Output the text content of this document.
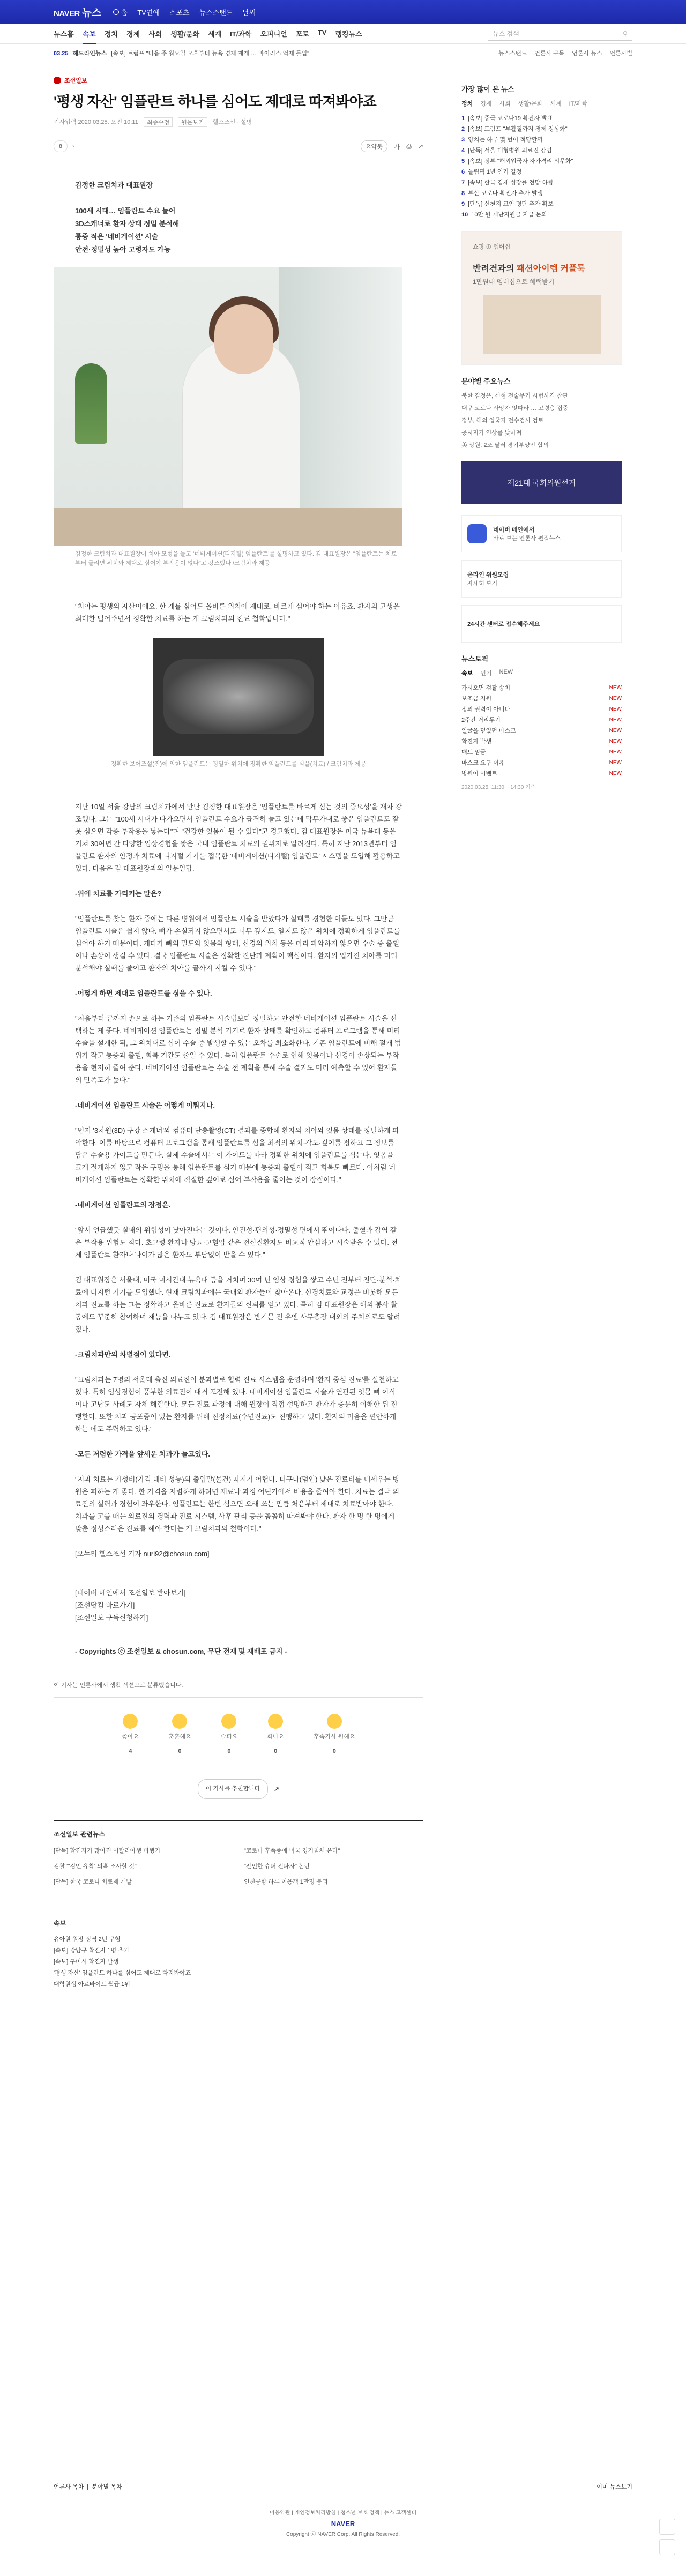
NAVER 뉴스	홈 TV연예 스포츠 뉴스스탠드 날씨
뉴스홈 속보 정치 경제 사회 생활/문화 세계 IT/과학 오피니언 포토 TV 랭킹뉴스	뉴스 검색	⚲
03.25 헤드라인뉴스 [속보] 트럼프 "다음 주 월요일 오후부터 뉴욕 경제 재개 … 바이러스 억제 돌입"	뉴스스탠드 언론사 구독 언론사 뉴스 언론사별
조선일보
'평생 자산' 임플란트 하나를 심어도 제대로 따져봐야죠
기사입력 2020.03.25. 오전 10:11	최종수정	원문보기	헬스조선 · 설명
8 ▫	요약봇	가 ⎙ ↗
김정한 크림치과 대표원장
100세 시대… 임플란트 수요 늘어
3D스캐너로 환자 상태 정밀 분석해
통증 적은 '네비게이션' 시술
안전·정밀성 높아 고령자도 가능
김정한 크림치과 대표원장이 치아 모형을 들고 '네비게이션(디지털) 임플란트'를 설명하고 있다. 김 대표원장은 "임플란트는 치료부터 물리면 위치와 제대로 심어야 부작용이 없다"고 강조했다./크림치과 제공
"치아는 평생의 자산이에요. 한 개를 심어도 올바른 위치에 제대로, 바르게 심어야 하는 이유죠. 환자의 고생을 최대한 덜어주면서 정확한 치료를 하는 게 크림치과의 진료 철학입니다."
정확한 보어조설(진)에 의한 임플란트는 정밀한 위치에 정확한 임플란트를 심을(치료) / 크림치과 제공
지난 10일 서울 강남의 크림치과에서 만난 김정한 대표원장은 '임플란트를 바르게 심는 것의 중요성'을 재차 강조했다. 그는 "100세 시대가 다가오면서 임플란트 수요가 급격히 늘고 있는데 막무가내로 좋은 임플란트도 잘못 심으면 각종 부작용을 낳는다"며 "건강한 잇몸이 될 수 있다"고 경고했다. 김 대표원장은 미국 뉴욕대 등을 거쳐 30여년 간 다양한 임상경험을 쌓은 국내 임플란트 치료의 권위자로 알려진다. 특히 지난 2013년부터 임플란트 환자의 안정과 치료에 디지털 기기를 접목한 '네비게이션(디지털) 임플란트' 시스템을 도입해 활용하고 있다. 다음은 김 대표원장과의 일문일답.
-위에 치료를 가리키는 말은?
"임플란트를 찾는 환자 중에는 다른 병원에서 임플란트 시술을 받았다가 실패를 경험한 이들도 있다. 그만큼 임플란트 시술은 쉽지 않다. 뼈가 손실되지 않으면서도 너무 깊지도, 얕지도 않은 위치에 정확하게 임플란트를 심어야 하기 때문이다. 게다가 뼈의 밀도와 잇몸의 형태, 신경의 위치 등을 미리 파악하지 않으면 수술 중 출혈이나 손상이 생길 수 있다. 결국 임플란트 시술은 정확한 진단과 계획이 핵심이다. 환자의 입가진 치아를 미리 분석해야 실패를 줄이고 환자의 치아를 끝까지 지킬 수 있다."
-어떻게 하면 제대로 임플란트를 심을 수 있나.
"처음부터 끝까지 손으로 하는 기존의 임플란트 시술법보다 정밀하고 안전한 네비게이션 임플란트 시술을 선택하는 게 좋다. 네비게이션 임플란트는 정밀 분석 기기로 환자 상태를 확인하고 컴퓨터 프로그램을 통해 미리 수술을 설계한 뒤, 그 위치대로 심어 수술 중 발생할 수 있는 오차를 최소화한다. 기존 임플란트에 비해 절개 범위가 작고 통증과 출혈, 회복 기간도 줄일 수 있다. 특히 임플란트 수술로 인해 잇몸이나 신경이 손상되는 부작용을 현저히 줄여 준다. 네비게이션 임플란트는 수술 전 계획을 통해 수술 결과도 미리 예측할 수 있어 환자들의 만족도가 높다."
-네비게이션 임플란트 시술은 어떻게 이뤄지나.
"먼저 '3차원(3D) 구강 스캐너'와 컴퓨터 단층촬영(CT) 결과를 종합해 환자의 치아와 잇몸 상태를 정밀하게 파악한다. 이를 바탕으로 컴퓨터 프로그램을 통해 임플란트를 심을 최적의 위치·각도·깊이를 정하고 그 정보를 담은 수술용 가이드를 만든다. 실제 수술에서는 이 가이드를 따라 정확한 위치에 임플란트를 심는다. 잇몸을 크게 절개하지 않고 작은 구멍을 통해 임플란트를 심기 때문에 통증과 출혈이 적고 회복도 빠르다. 이처럼 네비게이션 임플란트는 정확한 위치에 적절한 깊이로 심어 부작용을 줄이는 것이 장점이다."
-네비게이션 임플란트의 장점은.
"앞서 언급했듯 실패의 위험성이 낮아진다는 것이다. 안전성·편의성·정밀성 면에서 뛰어나다. 출혈과 감염 같은 부작용 위험도 적다. 초고령 환자나 당뇨·고혈압 같은 전신질환자도 비교적 안심하고 시술받을 수 있다. 전체 임플란트 환자나 나이가 많은 환자도 부담없이 받을 수 있다."
김 대표원장은 서울대, 미국 미시간대·뉴욕대 등을 거치며 30여 년 임상 경험을 쌓고 수년 전부터 진단·분석·치료에 디지털 기기를 도입했다. 현재 크림치과에는 국내외 환자들이 찾아온다. 신경치료와 교정을 비롯해 모든 치과 진료를 하는 그는 정확하고 올바른 진료로 환자들의 신뢰를 얻고 있다. 특히 김 대표원장은 해외 봉사 활동에도 꾸준히 참여하며 재능을 나누고 있다. 김 대표원장은 반기문 전 유엔 사무총장 내외의 주치의로도 알려졌다.
-크림치과만의 차별점이 있다면.
"크림치과는 7명의 서울대 출신 의료진이 분과별로 협력 진료 시스템을 운영하며 '환자 중심 진료'를 실천하고 있다. 특히 임상경험이 풍부한 의료진이 대거 포진해 있다. 네비게이션 임플란트 시술과 연관된 잇몸 뼈 이식이나 고난도 사례도 자체 해결한다. 모든 진료 과정에 대해 원장이 직접 설명하고 환자가 충분히 이해한 뒤 진행한다. 또한 치과 공포증이 있는 환자를 위해 진정치료(수면진료)도 진행하고 있다. 환자의 마음을 편안하게 하는 데도 주력하고 있다."
-모든 저렴한 가격을 앞세운 치과가 늘고있다.
"지과 치료는 가성비(가격 대비 성능)의 출입말(물건) 따지기 어렵다. 더구나(덤인) 낮은 진료비를 내세우는 병원은 피하는 게 좋다. 한 가격을 저렴하게 하려면 재료나 과정 어딘가에서 비용을 줄여야 한다. 치료는 결국 의료진의 실력과 경험이 좌우한다. 임플란트는 한번 심으면 오래 쓰는 만큼 처음부터 제대로 치료받아야 한다. 치과를 고를 때는 의료진의 경력과 진료 시스템, 사후 관리 등을 꼼꼼히 따져봐야 한다. 환자 한 명 한 명에게 맞춘 정성스러운 진료를 해야 한다는 게 크림치과의 철학이다."
[오누리 헬스조선 기자 nuri92@chosun.com]
[네이버 메인에서 조선일보 받아보기]
[조선닷컴 바로가기]
[조선일보 구독신청하기]
- Copyrights ⓒ 조선일보 & chosun.com, 무단 전재 및 재배포 금지 -
이 기사는 언론사에서 생활 섹션으로 분류했습니다.
좋아요
4
훈훈해요
0
슬퍼요
0
화나요
0
후속기사 원해요
0
이 기사를 추천합니다	↗
조선일보 관련뉴스
[단독] 확진자가 많아진 이탈리아행 비행기	"코로나 후폭풍에 미국 경기침체 온다"
검찰 "'검언 유착' 의혹 조사할 것"	"잔인한 슈퍼 전파자" 논란
[단독] 한국 코로나 치료제 개발	인천공항 하루 이용객 1만명 붕괴
속보
유아원 원장 징역 2년 구형
[속보] 강남구 확진자 1명 추가
[속보] 구미시 확진자 발생
'평생 자산' 임플란트 하나를 심어도 제대로 따져봐야죠
대학원생 아르바이트 월급 1위
가장 많이 본 뉴스
정치 경제 사회 생활/문화 세계 IT/과학
1 [속보] 중국 코로나19 확진자 발표
2 [속보] 트럼프 "부활절까지 경제 정상화"
3 양치는 하루 몇 번이 적당할까
4 [단독] 서울 대형병원 의료진 감염
5 [속보] 정부 "해외입국자 자가격리 의무화"
6 올림픽 1년 연기 결정
7 [속보] 한국 경제 성장률 전망 하향
8 부산 코로나 확진자 추가 발생
9 [단독] 신천지 교인 명단 추가 확보
10 10만 원 재난지원금 지급 논의
쇼핑 ⊕ 멤버십
반려견과의 패션아이템 커플룩
1만원대 멤버십으로 혜택받기
분야별 주요뉴스
북한 김정은, 신형 전술무기 시험사격 참관
대구 코로나 사망자 잇따라 … 고령층 집중
정부, 해외 입국자 전수검사 검토
공시지가 인상률 낮아져
美 상원, 2조 달러 경기부양안 합의
제21대 국회의원선거
네이버 메인에서
바로 보는 언론사 편집뉴스
온라인 위원모집
자세히 보기
24시간 센터로 접수해주세요
뉴스토픽
속보 인기 NEW
가시오면 검찰 송치	NEW
보조금 지원	NEW
정의 권력이 아니다	NEW
2주간 거리두기	NEW
얼굴을 덮었던 마스크	NEW
확진자 발생	NEW
매트 임금	NEW
마스크 요구 이유	NEW
병원어 이벤트	NEW
2020.03.25. 11:30 ~ 14:30 기준
언론사 목차  |  분야별 목차	이미 뉴스보기
이용약관 | 개인정보처리방침 | 청소년 보호 정책 | 뉴스 고객센터
NAVER
Copyright ⓒ NAVER Corp. All Rights Reserved.
